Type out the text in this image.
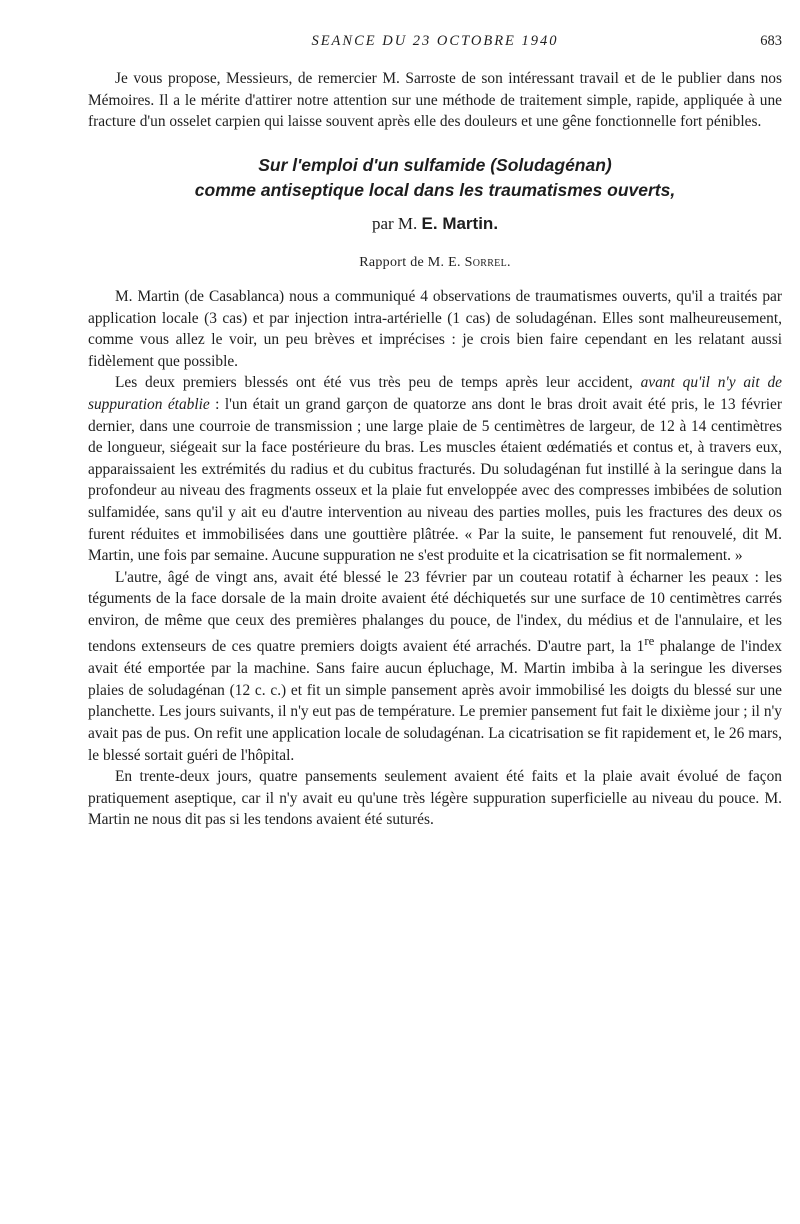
SEANCE DU 23 OCTOBRE 1940	683

Je vous propose, Messieurs, de remercier M. Sarroste de son intéressant travail et de le publier dans nos Mémoires. Il a le mérite d'attirer notre attention sur une méthode de traitement simple, rapide, appliquée à une fracture d'un osselet carpien qui laisse souvent après elle des douleurs et une gêne fonctionnelle fort pénibles.

Sur l'emploi d'un sulfamide (Soludagénan)
comme antiseptique local dans les traumatismes ouverts,
par M. E. Martin.
Rapport de M. E. Sorrel.

M. Martin (de Casablanca) nous a communiqué 4 observations de traumatismes ouverts, qu'il a traités par application locale (3 cas) et par injection intra-artérielle (1 cas) de soludagénan. Elles sont malheureusement, comme vous allez le voir, un peu brèves et imprécises : je crois bien faire cependant en les relatant aussi fidèlement que possible.

Les deux premiers blessés ont été vus très peu de temps après leur accident, avant qu'il n'y ait de suppuration établie : l'un était un grand garçon de quatorze ans dont le bras droit avait été pris, le 13 février dernier, dans une courroie de transmission ; une large plaie de 5 centimètres de largeur, de 12 à 14 centimètres de longueur, siégeait sur la face postérieure du bras. Les muscles étaient œdématiés et contus et, à travers eux, apparaissaient les extrémités du radius et du cubitus fracturés. Du soludagénan fut instillé à la seringue dans la profondeur au niveau des fragments osseux et la plaie fut enveloppée avec des compresses imbibées de solution sulfamidée, sans qu'il y ait eu d'autre intervention au niveau des parties molles, puis les fractures des deux os furent réduites et immobilisées dans une gouttière plâtrée. « Par la suite, le pansement fut renouvelé, dit M. Martin, une fois par semaine. Aucune suppuration ne s'est produite et la cicatrisation se fit normalement. »

L'autre, âgé de vingt ans, avait été blessé le 23 février par un couteau rotatif à écharner les peaux : les téguments de la face dorsale de la main droite avaient été déchiquetés sur une surface de 10 centimètres carrés environ, de même que ceux des premières phalanges du pouce, de l'index, du médius et de l'annulaire, et les tendons extenseurs de ces quatre premiers doigts avaient été arrachés. D'autre part, la 1re phalange de l'index avait été emportée par la machine. Sans faire aucun épluchage, M. Martin imbiba à la seringue les diverses plaies de soludagénan (12 c. c.) et fit un simple pansement après avoir immobilisé les doigts du blessé sur une planchette. Les jours suivants, il n'y eut pas de température. Le premier pansement fut fait le dixième jour ; il n'y avait pas de pus. On refit une application locale de soludagénan. La cicatrisation se fit rapidement et, le 26 mars, le blessé sortait guéri de l'hôpital.

En trente-deux jours, quatre pansements seulement avaient été faits et la plaie avait évolué de façon pratiquement aseptique, car il n'y avait eu qu'une très légère suppuration superficielle au niveau du pouce. M. Martin ne nous dit pas si les tendons avaient été suturés.
